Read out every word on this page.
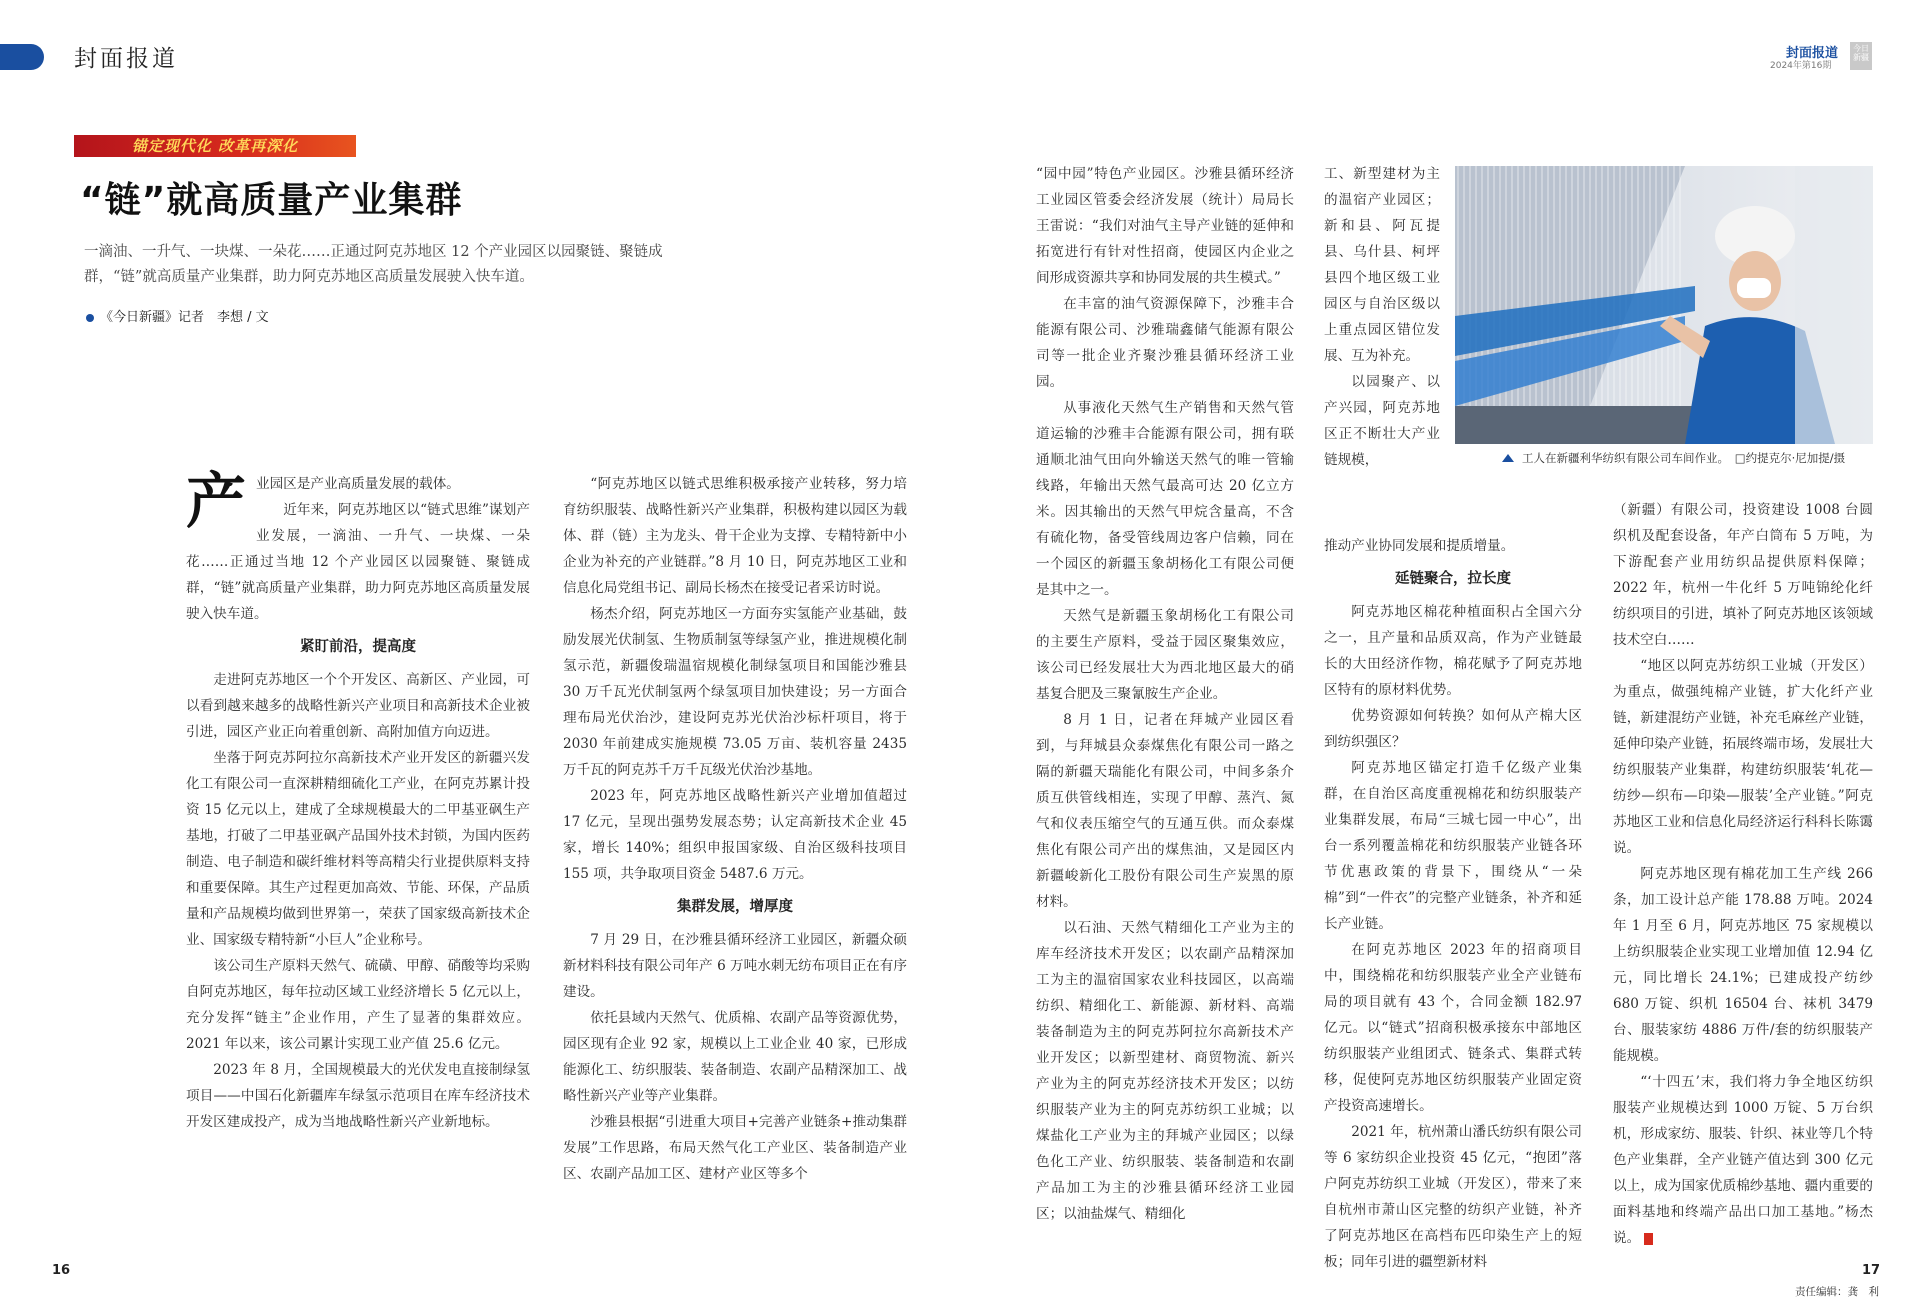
封面报道	封面报道
2024年第16期
今日新疆
锚定现代化 改革再深化
“链”就高质量产业集群
一滴油、一升气、一块煤、一朵花……正通过阿克苏地区 12 个产业园区以园聚链、聚链成群，“链”就高质量产业集群，助力阿克苏地区高质量发展驶入快车道。
《今日新疆》记者　李想 / 文
产 业园区是产业高质量发展的载体。

近年来，阿克苏地区以“链式思维”谋划产业发展，一滴油、一升气、一块煤、一朵花……正通过当地 12 个产业园区以园聚链、聚链成群，“链”就高质量产业集群，助力阿克苏地区高质量发展驶入快车道。

紧盯前沿，提高度

走进阿克苏地区一个个开发区、高新区、产业园，可以看到越来越多的战略性新兴产业项目和高新技术企业被引进，园区产业正向着重创新、高附加值方向迈进。

坐落于阿克苏阿拉尔高新技术产业开发区的新疆兴发化工有限公司一直深耕精细硫化工产业，在阿克苏累计投资 15 亿元以上，建成了全球规模最大的二甲基亚砜生产基地，打破了二甲基亚砜产品国外技术封锁，为国内医药制造、电子制造和碳纤维材料等高精尖行业提供原料支持和重要保障。其生产过程更加高效、节能、环保，产品质量和产品规模均做到世界第一，荣获了国家级高新技术企业、国家级专精特新“小巨人”企业称号。

该公司生产原料天然气、硫磺、甲醇、硝酸等均采购自阿克苏地区，每年拉动区域工业经济增长 5 亿元以上，充分发挥“链主”企业作用，产生了显著的集群效应。2021 年以来，该公司累计实现工业产值 25.6 亿元。

2023 年 8 月，全国规模最大的光伏发电直接制绿氢项目——中国石化新疆库车绿氢示范项目在库车经济技术开发区建成投产，成为当地战略性新兴产业新地标。

“阿克苏地区以链式思维积极承接产业转移，努力培育纺织服装、战略性新兴产业集群，积极构建以园区为载体、群（链）主为龙头、骨干企业为支撑、专精特新中小企业为补充的产业链群。”8 月 10 日，阿克苏地区工业和信息化局党组书记、副局长杨杰在接受记者采访时说。

杨杰介绍，阿克苏地区一方面夯实氢能产业基础，鼓励发展光伏制氢、生物质制氢等绿氢产业，推进规模化制氢示范，新疆俊瑞温宿规模化制绿氢项目和国能沙雅县 30 万千瓦光伏制氢两个绿氢项目加快建设；另一方面合理布局光伏治沙，建设阿克苏光伏治沙标杆项目，将于 2030 年前建成实施规模 73.05 万亩、装机容量 2435 万千瓦的阿克苏千万千瓦级光伏治沙基地。

2023 年，阿克苏地区战略性新兴产业增加值超过 17 亿元，呈现出强势发展态势；认定高新技术企业 45 家，增长 140%；组织申报国家级、自治区级科技项目 155 项，共争取项目资金 5487.6 万元。

集群发展，增厚度

7 月 29 日，在沙雅县循环经济工业园区，新疆众硕新材料科技有限公司年产 6 万吨水刺无纺布项目正在有序建设。

依托县域内天然气、优质棉、农副产品等资源优势，园区现有企业 92 家，规模以上工业企业 40 家，已形成能源化工、纺织服装、装备制造、农副产品精深加工、战略性新兴产业等产业集群。

沙雅县根据“引进重大项目+完善产业链条+推动集群发展”工作思路，布局天然气化工产业区、装备制造产业区、农副产品加工区、建材产业区等多个

“园中园”特色产业园区。沙雅县循环经济工业园区管委会经济发展（统计）局局长王雷说：“我们对油气主导产业链的延伸和拓宽进行有针对性招商，使园区内企业之间形成资源共享和协同发展的共生模式。”

在丰富的油气资源保障下，沙雅丰合能源有限公司、沙雅瑞鑫储气能源有限公司等一批企业齐聚沙雅县循环经济工业园。

从事液化天然气生产销售和天然气管道运输的沙雅丰合能源有限公司，拥有联通顺北油气田向外输送天然气的唯一管输线路，年输出天然气最高可达 20 亿立方米。因其输出的天然气甲烷含量高，不含有硫化物，备受管线周边客户信赖，同在一个园区的新疆玉象胡杨化工有限公司便是其中之一。

天然气是新疆玉象胡杨化工有限公司的主要生产原料，受益于园区聚集效应，该公司已经发展壮大为西北地区最大的硝基复合肥及三聚氰胺生产企业。

8 月 1 日，记者在拜城产业园区看到，与拜城县众泰煤焦化有限公司一路之隔的新疆天瑞能化有限公司，中间多条介质互供管线相连，实现了甲醇、蒸汽、氮气和仪表压缩空气的互通互供。而众泰煤焦化有限公司产出的煤焦油，又是园区内新疆峻新化工股份有限公司生产炭黑的原材料。

以石油、天然气精细化工产业为主的库车经济技术开发区；以农副产品精深加工为主的温宿国家农业科技园区，以高端纺织、精细化工、新能源、新材料、高端装备制造为主的阿克苏阿拉尔高新技术产业开发区；以新型建材、商贸物流、新兴产业为主的阿克苏经济技术开发区；以纺织服装产业为主的阿克苏纺织工业城；以煤盐化工产业为主的拜城产业园区；以绿色化工产业、纺织服装、装备制造和农副产品加工为主的沙雅县循环经济工业园区；以油盐煤气、精细化

工、新型建材为主的温宿产业园区；新和县、阿瓦提县、乌什县、柯坪县四个地区级工业园区与自治区级以上重点园区错位发展、互为补充。

以园聚产、以产兴园，阿克苏地区正不断壮大产业链规模，	工人在新疆利华纺织有限公司车间作业。　□约提克尔·尼加提/摄

推动产业协同发展和提质增量。

延链聚合，拉长度

阿克苏地区棉花种植面积占全国六分之一，且产量和品质双高，作为产业链最长的大田经济作物，棉花赋予了阿克苏地区特有的原材料优势。

优势资源如何转换？如何从产棉大区到纺织强区？

阿克苏地区锚定打造千亿级产业集群，在自治区高度重视棉花和纺织服装产业集群发展，布局“三城七园一中心”，出台一系列覆盖棉花和纺织服装产业链各环节优惠政策的背景下，围绕从“一朵棉”到“一件衣”的完整产业链条，补齐和延长产业链。

在阿克苏地区 2023 年的招商项目中，围绕棉花和纺织服装产业全产业链布局的项目就有 43 个，合同金额 182.97 亿元。以“链式”招商积极承接东中部地区纺织服装产业组团式、链条式、集群式转移，促使阿克苏地区纺织服装产业固定资产投资高速增长。

2021 年，杭州萧山潘氏纺织有限公司等 6 家纺织企业投资 45 亿元，“抱团”落户阿克苏纺织工业城（开发区），带来了来自杭州市萧山区完整的纺织产业链，补齐了阿克苏地区在高档布匹印染生产上的短板；同年引进的疆塑新材料

（新疆）有限公司，投资建设 1008 台圆织机及配套设备，年产白筒布 5 万吨，为下游配套产业用纺织品提供原料保障；2022 年，杭州一牛化纤 5 万吨锦纶化纤纺织项目的引进，填补了阿克苏地区该领域技术空白……

“地区以阿克苏纺织工业城（开发区）为重点，做强纯棉产业链，扩大化纤产业链，新建混纺产业链，补充毛麻丝产业链，延伸印染产业链，拓展终端市场，发展壮大纺织服装产业集群，构建纺织服装‘轧花—纺纱—织布—印染—服装’全产业链。”阿克苏地区工业和信息化局经济运行科科长陈霭说。

阿克苏地区现有棉花加工生产线 266 条，加工设计总产能 178.88 万吨。2024 年 1 月至 6 月，阿克苏地区 75 家规模以上纺织服装企业实现工业增加值 12.94 亿元，同比增长 24.1%；已建成投产纺纱 680 万锭、织机 16504 台、袜机 3479 台、服装家纺 4886 万件/套的纺织服装产能规模。

“‘十四五’末，我们将力争全地区纺织服装产业规模达到 1000 万锭、5 万台织机，形成家纺、服装、针织、袜业等几个特色产业集群，全产业链产值达到 300 亿元以上，成为国家优质棉纱基地、疆内重要的面料基地和终端产品出口加工基地。”杨杰说。

16
责任编辑：龚　利
17
